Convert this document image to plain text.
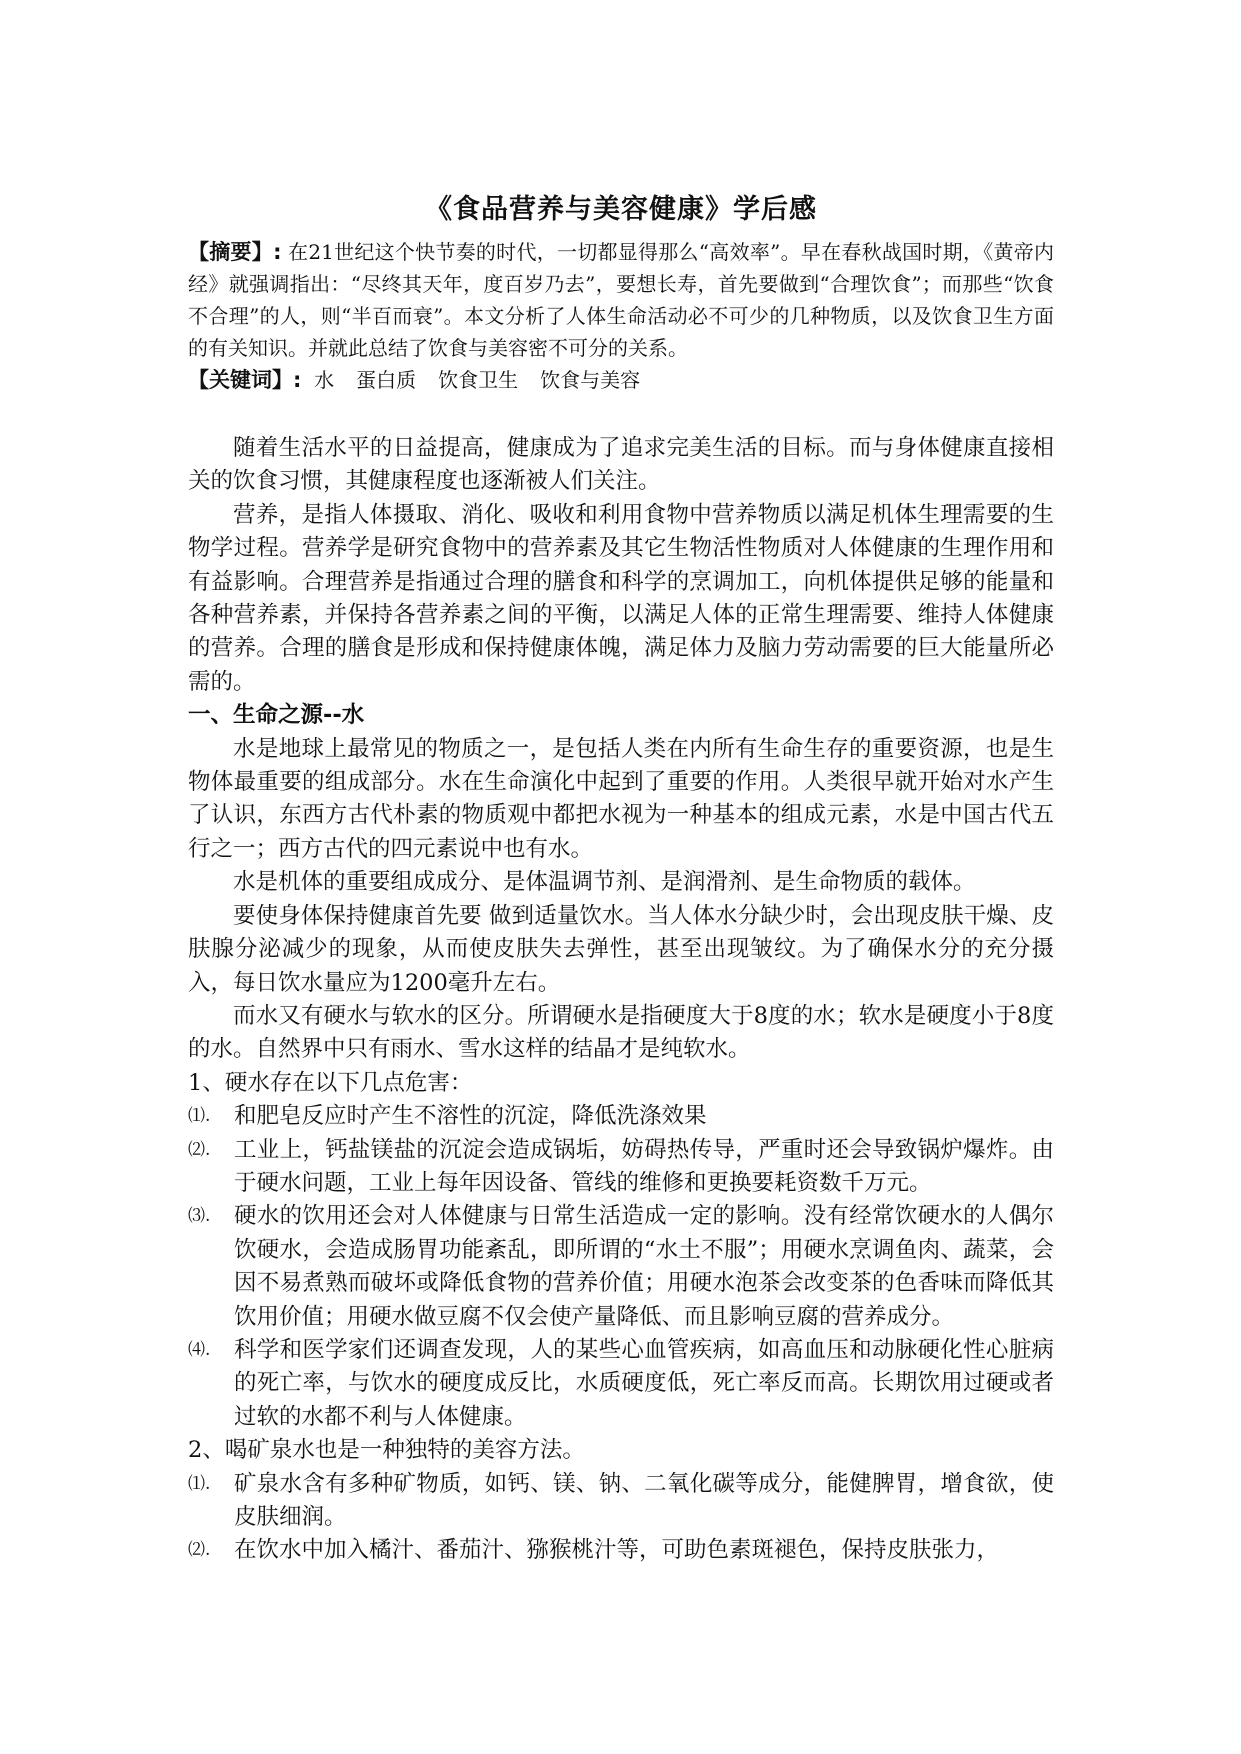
《食品营养与美容健康》学后感

【摘要】: 在21世纪这个快节奏的时代，一切都显得那么“高效率”。早在春秋战国时期，《黄帝内经》就强调指出：“尽终其天年，度百岁乃去”，要想长寿，首先要做到“合理饮食”；而那些“饮食不合理”的人，则“半百而衰”。本文分析了人体生命活动必不可少的几种物质，以及饮食卫生方面的有关知识。并就此总结了饮食与美容密不可分的关系。

【关键词】: 水 蛋白质 饮食卫生 饮食与美容

随着生活水平的日益提高，健康成为了追求完美生活的目标。而与身体健康直接相关的饮食习惯，其健康程度也逐渐被人们关注。

营养，是指人体摄取、消化、吸收和利用食物中营养物质以满足机体生理需要的生物学过程。营养学是研究食物中的营养素及其它生物活性物质对人体健康的生理作用和有益影响。合理营养是指通过合理的膳食和科学的烹调加工，向机体提供足够的能量和各种营养素，并保持各营养素之间的平衡，以满足人体的正常生理需要、维持人体健康的营养。合理的膳食是形成和保持健康体魄，满足体力及脑力劳动需要的巨大能量所必需的。

一、生命之源--水

水是地球上最常见的物质之一，是包括人类在内所有生命生存的重要资源，也是生物体最重要的组成部分。水在生命演化中起到了重要的作用。人类很早就开始对水产生了认识，东西方古代朴素的物质观中都把水视为一种基本的组成元素，水是中国古代五行之一；西方古代的四元素说中也有水。

水是机体的重要组成成分、是体温调节剂、是润滑剂、是生命物质的载体。

要使身体保持健康首先要 做到适量饮水。当人体水分缺少时，会出现皮肤干燥、皮肤腺分泌减少的现象，从而使皮肤失去弹性，甚至出现皱纹。为了确保水分的充分摄入，每日饮水量应为1200毫升左右。

而水又有硬水与软水的区分。所谓硬水是指硬度大于8度的水；软水是硬度小于8度的水。自然界中只有雨水、雪水这样的结晶才是纯软水。

1、硬水存在以下几点危害：

⑴.	和肥皂反应时产生不溶性的沉淀，降低洗涤效果
⑵.	工业上，钙盐镁盐的沉淀会造成锅垢，妨碍热传导，严重时还会导致锅炉爆炸。由于硬水问题，工业上每年因设备、管线的维修和更换要耗资数千万元。
⑶.	硬水的饮用还会对人体健康与日常生活造成一定的影响。没有经常饮硬水的人偶尔饮硬水，会造成肠胃功能紊乱，即所谓的“水土不服”；用硬水烹调鱼肉、蔬菜，会因不易煮熟而破坏或降低食物的营养价值；用硬水泡茶会改变茶的色香味而降低其饮用价值；用硬水做豆腐不仅会使产量降低、而且影响豆腐的营养成分。
⑷.	科学和医学家们还调查发现，人的某些心血管疾病，如高血压和动脉硬化性心脏病的死亡率，与饮水的硬度成反比，水质硬度低，死亡率反而高。长期饮用过硬或者过软的水都不利与人体健康。

2、喝矿泉水也是一种独特的美容方法。

⑴.	矿泉水含有多种矿物质，如钙、镁、钠、二氧化碳等成分，能健脾胃，增食欲，使皮肤细润。
⑵.	在饮水中加入橘汁、番茄汁、猕猴桃汁等，可助色素斑褪色，保持皮肤张力，
